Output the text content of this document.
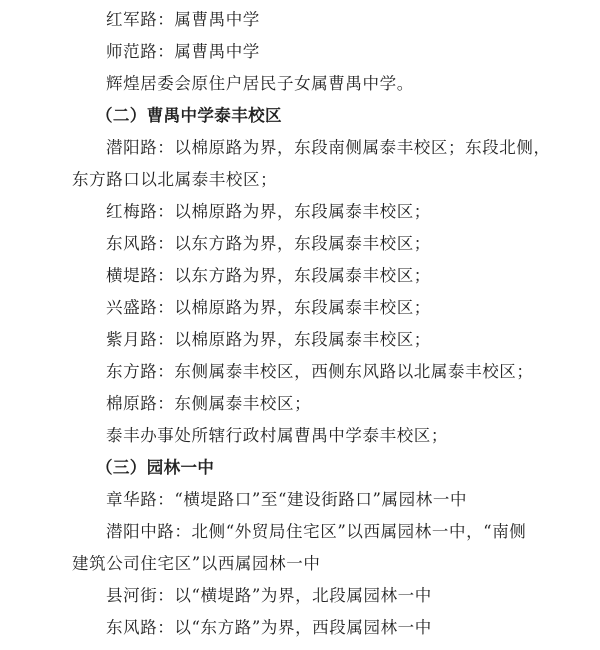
红军路：属曹禺中学
师范路：属曹禺中学
辉煌居委会原住户居民子女属曹禺中学。
（二）曹禺中学泰丰校区
潜阳路：以棉原路为界，东段南侧属泰丰校区；东段北侧，
东方路口以北属泰丰校区；
红梅路：以棉原路为界，东段属泰丰校区；
东风路：以东方路为界，东段属泰丰校区；
横堤路：以东方路为界，东段属泰丰校区；
兴盛路：以棉原路为界，东段属泰丰校区；
紫月路：以棉原路为界，东段属泰丰校区；
东方路：东侧属泰丰校区，西侧东风路以北属泰丰校区；
棉原路：东侧属泰丰校区；
泰丰办事处所辖行政村属曹禺中学泰丰校区；
（三）园林一中
章华路：“横堤路口”至“建设街路口”属园林一中
潜阳中路：北侧“外贸局住宅区”以西属园林一中，“南侧
建筑公司住宅区”以西属园林一中
县河街：以“横堤路”为界，北段属园林一中
东风路：以“东方路”为界，西段属园林一中
